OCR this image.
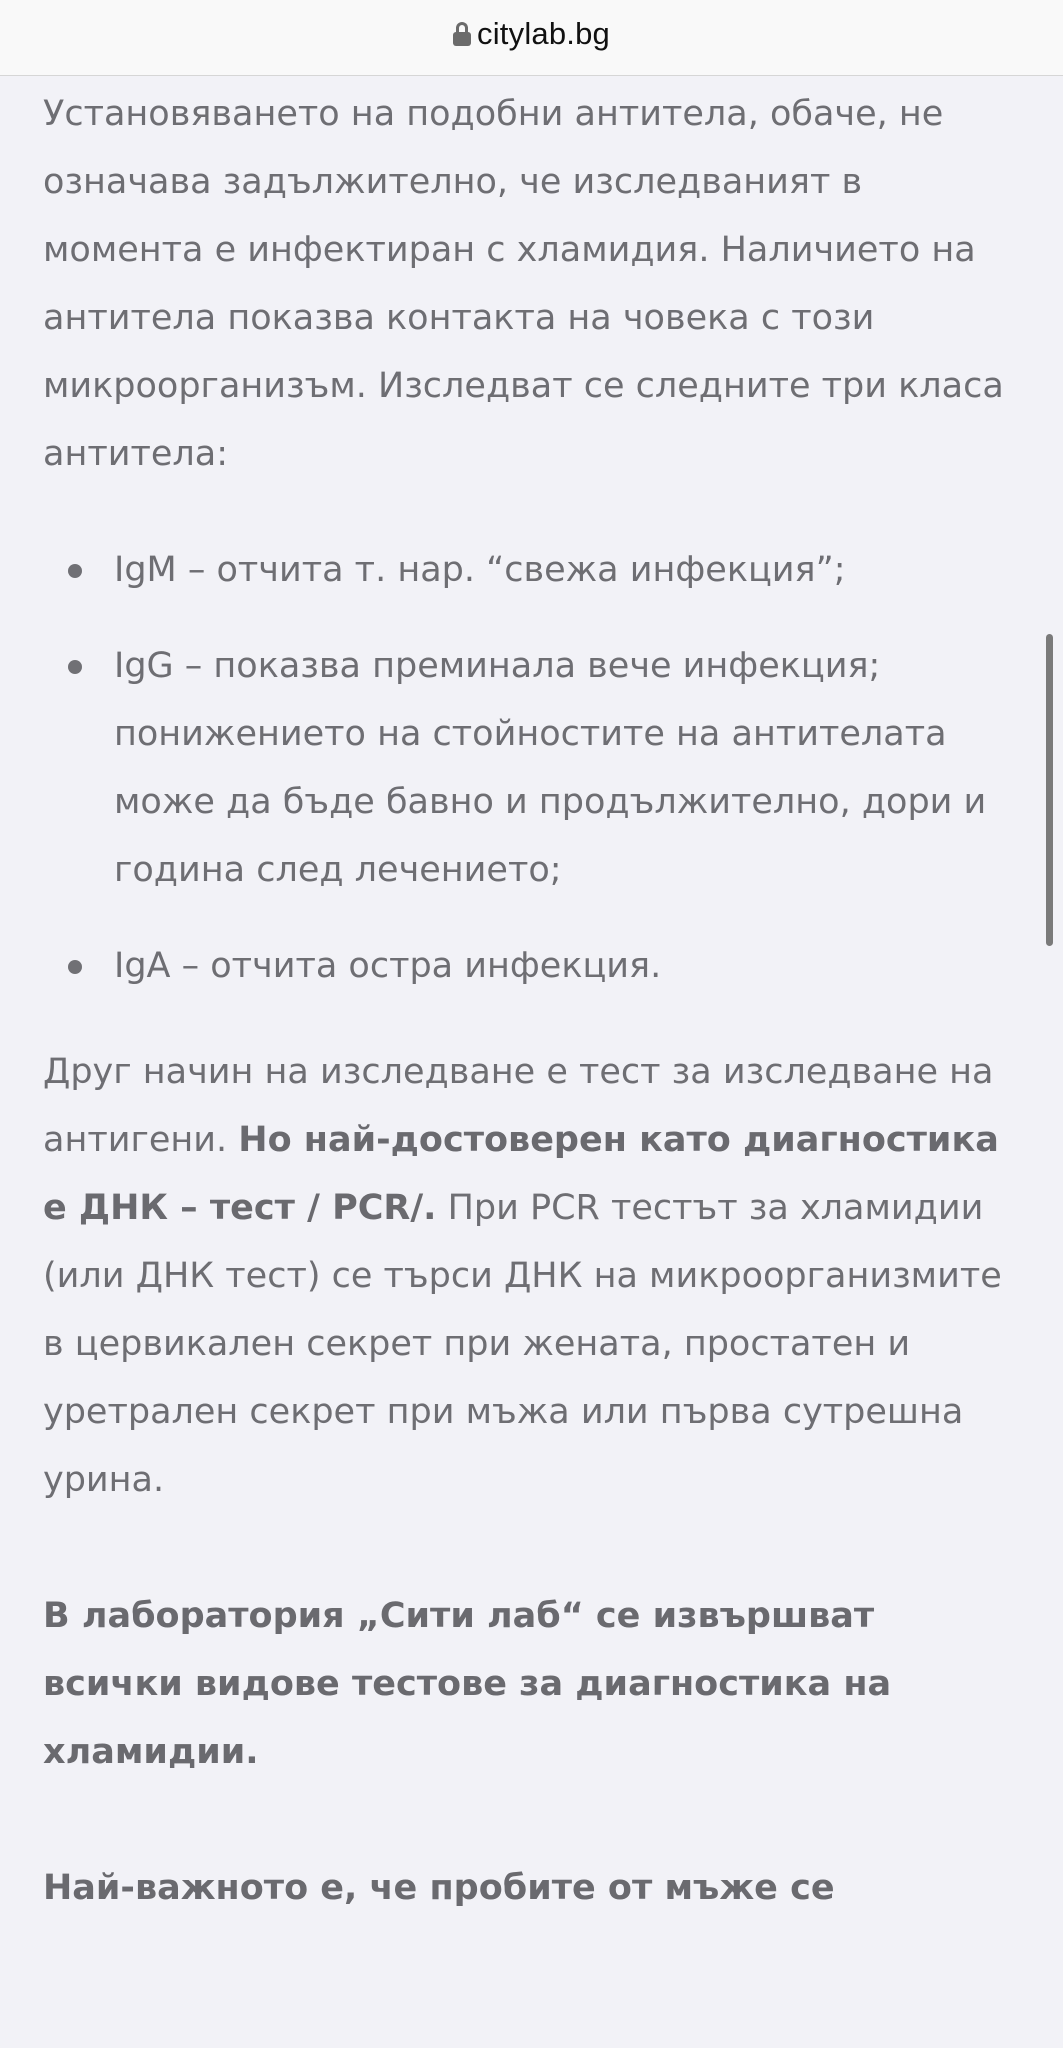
citylab.bg

Установяването на подобни антитела, обаче, не означава задължително, че изследваният в момента е инфектиран с хламидия. Наличието на антитела показва контакта на човека с този микроорганизъм. Изследват се следните три класа антитела:

IgM – отчита т. нар. “свежа инфекция”;
IgG – показва преминала вече инфекция; понижението на стойностите на антителата може да бъде бавно и продължително, дори и година след лечението;
IgA – отчита остра инфекция.

Друг начин на изследване е тест за изследване на антигени. Но най-достоверен като диагностика е ДНК – тест / PCR/. При PCR тестът за хламидии (или ДНК тест) се търси ДНК на микроорганизмите в цервикален секрет при жената, простатен и уретрален секрет при мъжа или първа сутрешна урина.

В лаборатория „Сити лаб“ се извършват всички видове тестове за диагностика на хламидии.

Най-важното е, че пробите от мъже се
